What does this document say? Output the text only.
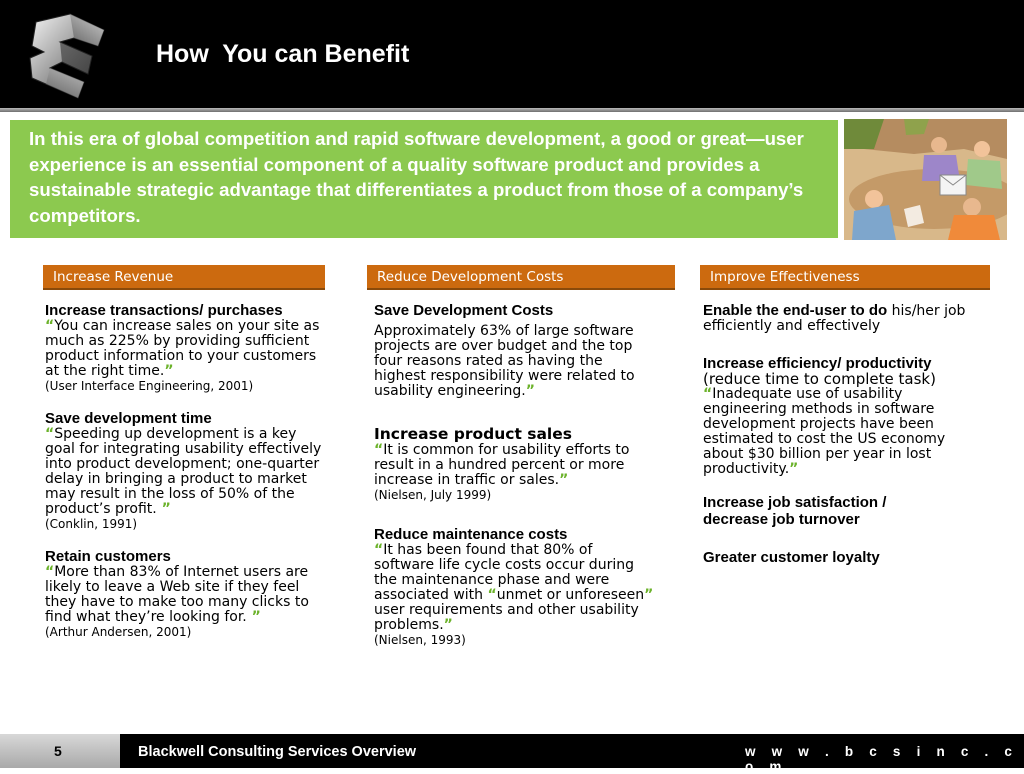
How  You can Benefit
In this era of global competition and rapid software development, a good or great—user experience is an essential component of a quality software product and provides a sustainable strategic advantage that differentiates a product from those of a company’s competitors.
Increase Revenue	Reduce Development Costs	Improve Effectiveness

Increase transactions/ purchases

“You can increase sales on your site as much as 225% by providing sufficient product information to your customers at the right time.”

(User Interface Engineering, 2001)

Save development time

“Speeding up development is a key goal for integrating usability effectively into product development; one-quarter delay in bringing a product to market may result in the loss of 50% of the product’s profit. ”

(Conklin, 1991)

Retain customers

“More than 83% of Internet users are likely to leave a Web site if they feel they have to make too many clicks to find what they’re looking for. ”

(Arthur Andersen, 2001)

Save Development Costs

Approximately 63% of large software projects are over budget and the top four reasons rated as having the highest responsibility were related to usability engineering.”

Increase product sales

“It is common for usability efforts to result in a hundred percent or more increase in traffic or sales.”

(Nielsen, July 1999)

Reduce maintenance costs

“It has been found that 80% of software life cycle costs occur during the maintenance phase and were associated with “unmet or unforeseen” user requirements and other usability problems.”

(Nielsen, 1993)

Enable the end-user to do his/her job efficiently and effectively

Increase efficiency/ productivity

(reduce time to complete task)

“Inadequate use of usability engineering methods in software development projects have been estimated to cost the US economy about $30 billion per year in lost productivity.”

Increase job satisfaction / decrease job turnover

Greater customer loyalty

5	Blackwell Consulting Services Overview	w w w . b c s i n c . c o m
